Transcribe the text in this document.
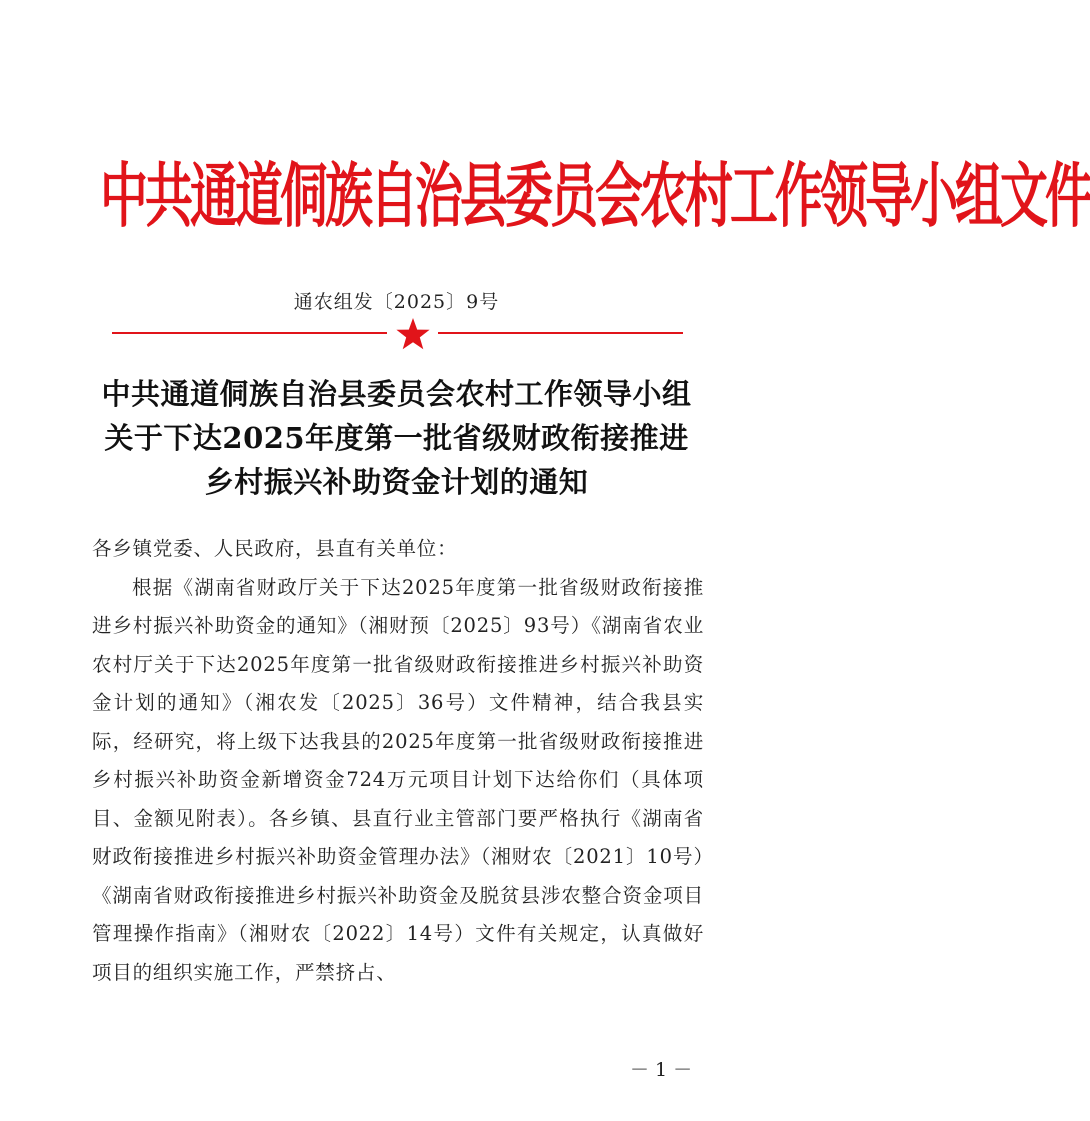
中共通道侗族自治县委员会农村工作领导小组文件
通农组发〔2025〕9号
中共通道侗族自治县委员会农村工作领导小组
关于下达2025年度第一批省级财政衔接推进
乡村振兴补助资金计划的通知

各乡镇党委、人民政府，县直有关单位：

根据《湖南省财政厅关于下达2025年度第一批省级财政衔接推进乡村振兴补助资金的通知》（湘财预〔2025〕93号）《湖南省农业农村厅关于下达2025年度第一批省级财政衔接推进乡村振兴补助资金计划的通知》（湘农发〔2025〕36号）文件精神，结合我县实际，经研究，将上级下达我县的2025年度第一批省级财政衔接推进乡村振兴补助资金新增资金724万元项目计划下达给你们（具体项目、金额见附表）。各乡镇、县直行业主管部门要严格执行《湖南省财政衔接推进乡村振兴补助资金管理办法》（湘财农〔2021〕10号）《湖南省财政衔接推进乡村振兴补助资金及脱贫县涉农整合资金项目管理操作指南》（湘财农〔2022〕14号）文件有关规定，认真做好项目的组织实施工作，严禁挤占、

－1－
